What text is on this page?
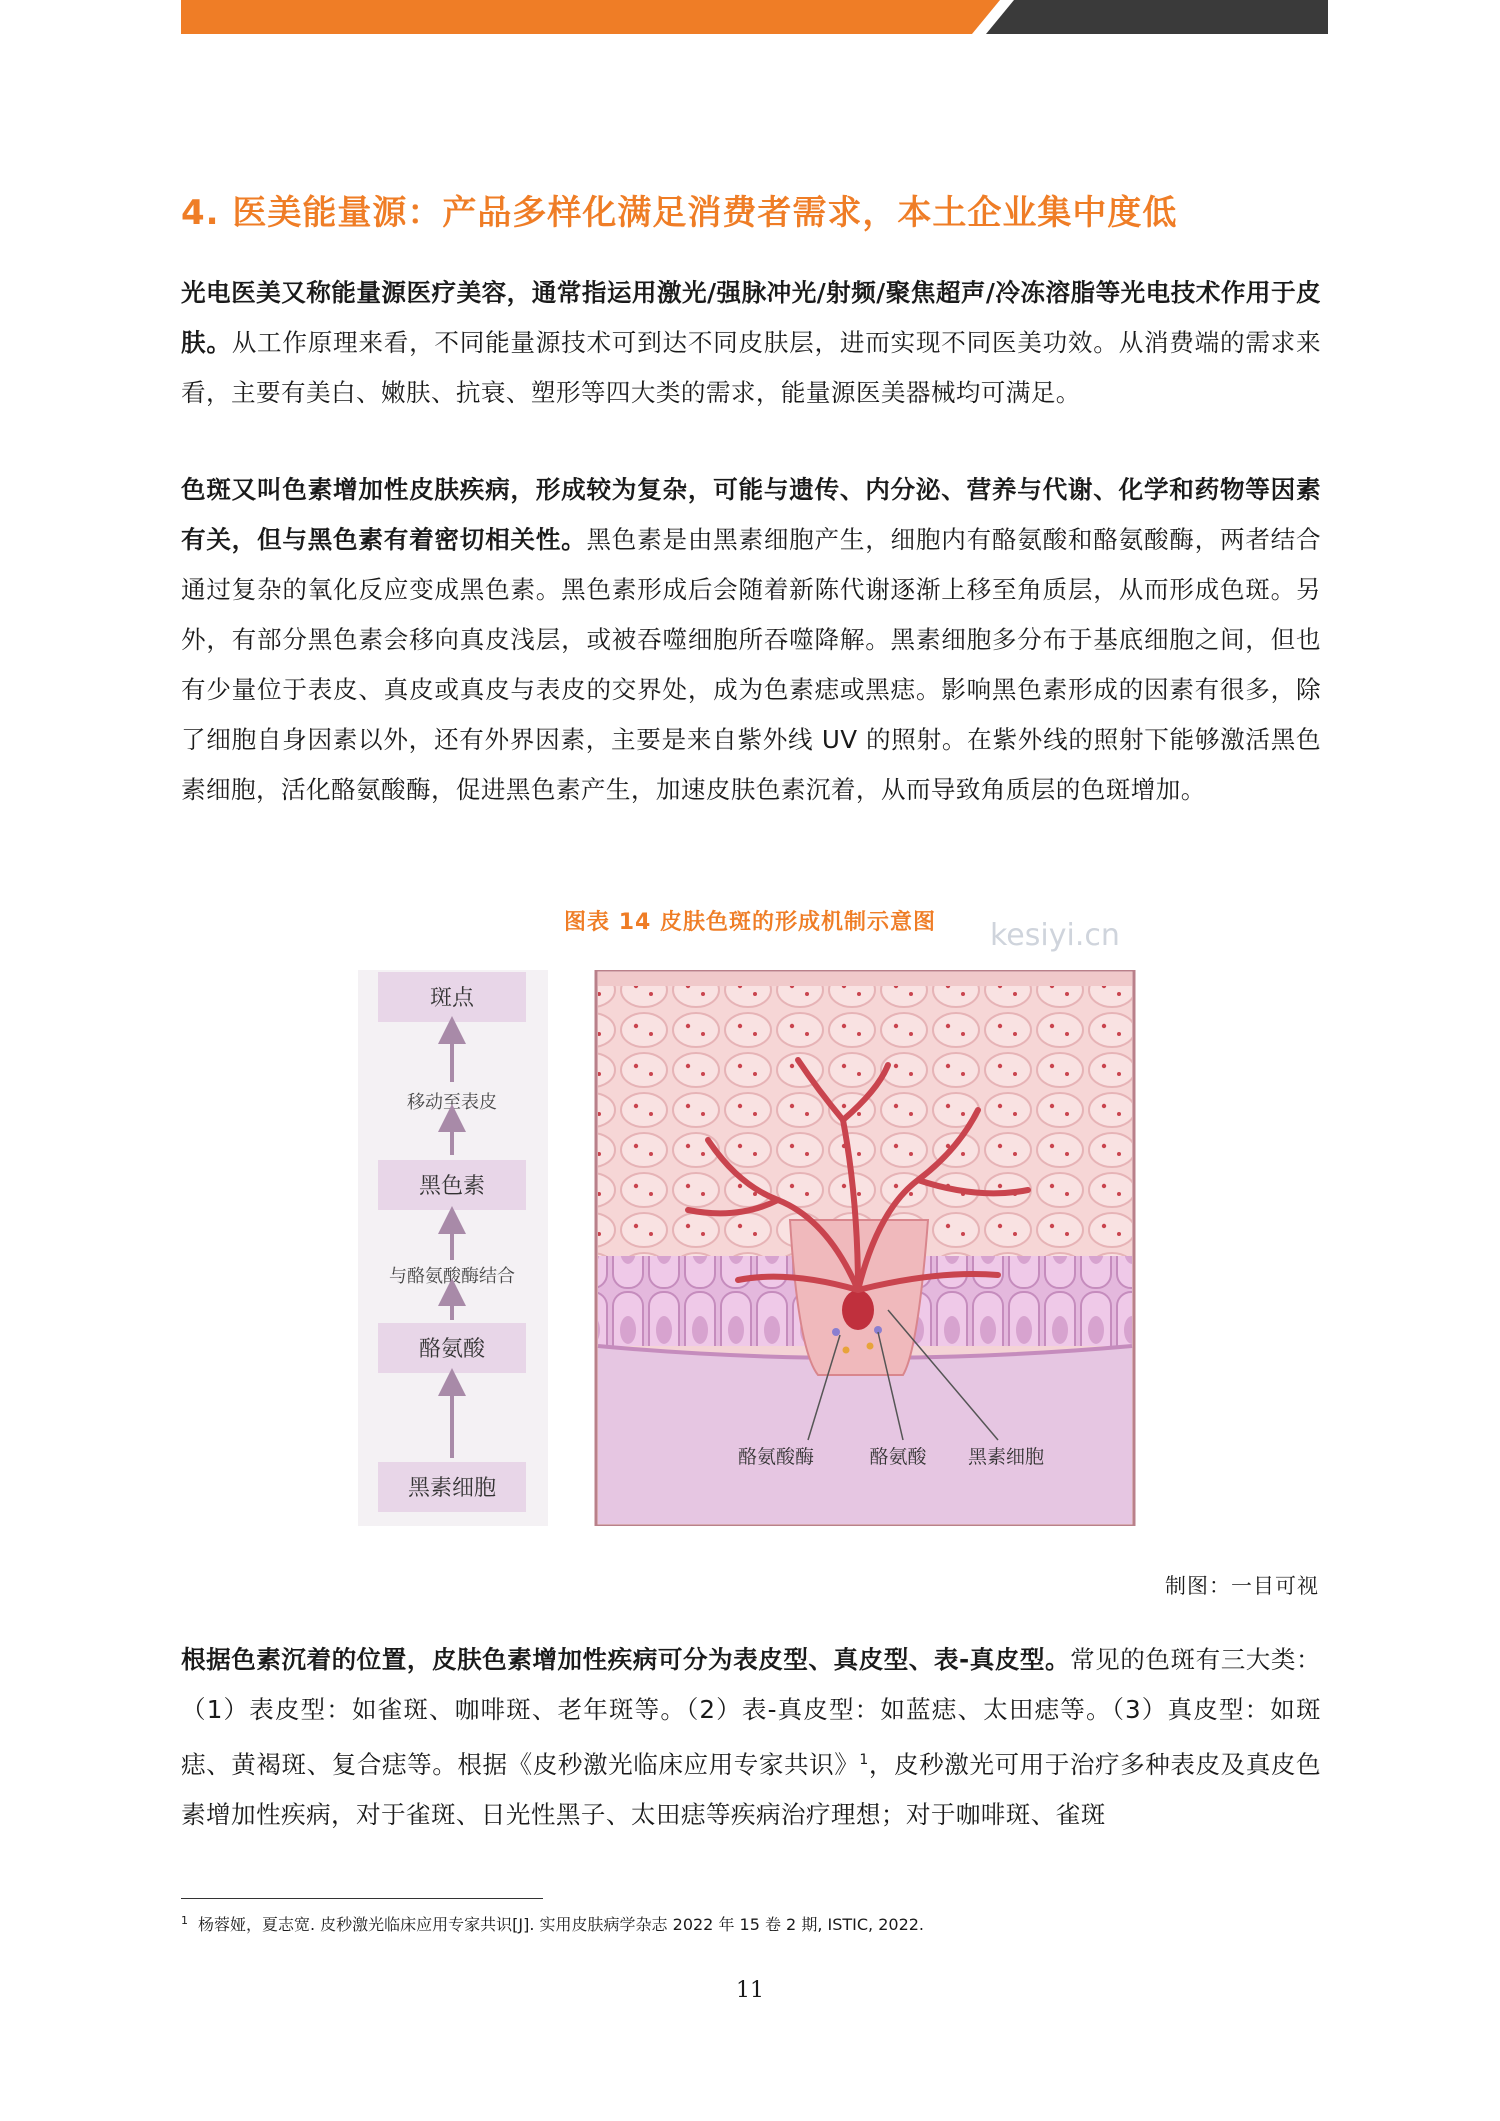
4. 医美能量源：产品多样化满足消费者需求，本土企业集中度低

光电医美又称能量源医疗美容，通常指运用激光/强脉冲光/射频/聚焦超声/冷冻溶脂等光电技术作用于皮肤。从工作原理来看，不同能量源技术可到达不同皮肤层，进而实现不同医美功效。从消费端的需求来看，主要有美白、嫩肤、抗衰、塑形等四大类的需求，能量源医美器械均可满足。

色斑又叫色素增加性皮肤疾病，形成较为复杂，可能与遗传、内分泌、营养与代谢、化学和药物等因素有关，但与黑色素有着密切相关性。黑色素是由黑素细胞产生，细胞内有酪氨酸和酪氨酸酶，两者结合通过复杂的氧化反应变成黑色素。黑色素形成后会随着新陈代谢逐渐上移至角质层，从而形成色斑。另外，有部分黑色素会移向真皮浅层，或被吞噬细胞所吞噬降解。黑素细胞多分布于基底细胞之间，但也有少量位于表皮、真皮或真皮与表皮的交界处，成为色素痣或黑痣。影响黑色素形成的因素有很多，除了细胞自身因素以外，还有外界因素，主要是来自紫外线 UV 的照射。在紫外线的照射下能够激活黑色素细胞，活化酪氨酸酶，促进黑色素产生，加速皮肤色素沉着，从而导致角质层的色斑增加。

图表 14 皮肤色斑的形成机制示意图	kesiyi.cn
斑点
移动至表皮
黑色素
与酪氨酸酶结合
酪氨酸
黑素细胞
酪氨酸酶	酪氨酸 黑素细胞
制图：一目可视

根据色素沉着的位置，皮肤色素增加性疾病可分为表皮型、真皮型、表-真皮型。常见的色斑有三大类：（1）表皮型：如雀斑、咖啡斑、老年斑等。（2）表-真皮型：如蓝痣、太田痣等。（3）真皮型：如斑痣、黄褐斑、复合痣等。根据《皮秒激光临床应用专家共识》$^1$，皮秒激光可用于治疗多种表皮及真皮色素增加性疾病，对于雀斑、日光性黑子、太田痣等疾病治疗理想；对于咖啡斑、雀斑

$^1$ 杨蓉娅，夏志宽. 皮秒激光临床应用专家共识[J]. 实用皮肤病学杂志 2022 年 15 卷 2 期, ISTIC, 2022.
11
